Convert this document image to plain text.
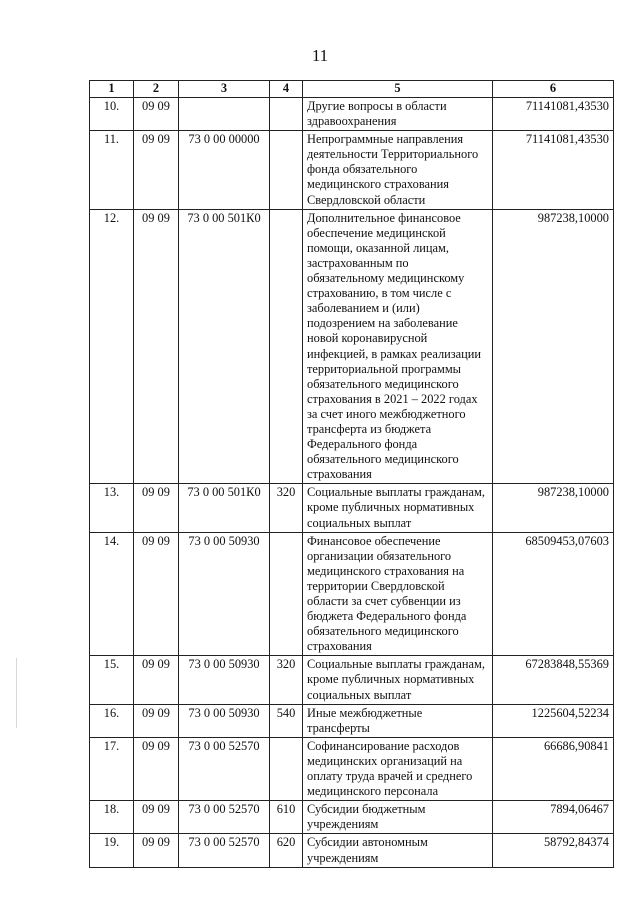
11
1	2	3	4	5	6
10.	09 09			Другие вопросы в области здравоохранения	71141081,43530
11.	09 09	73 0 00 00000		Непрограммные направления деятельности Территориального фонда обязательного медицинского страхования Свердловской области	71141081,43530
12.	09 09	73 0 00 501К0		Дополнительное финансовое обеспечение медицинской помощи, оказанной лицам, застрахованным по обязательному медицинскому страхованию, в том числе с заболеванием и (или) подозрением на заболевание новой коронавирусной инфекцией, в рамках реализации территориальной программы обязательного медицинского страхования в 2021 – 2022 годах за счет иного межбюджетного трансферта из бюджета Федерального фонда обязательного медицинского страхования	987238,10000
13.	09 09	73 0 00 501К0	320	Социальные выплаты гражданам, кроме публичных нормативных социальных выплат	987238,10000
14.	09 09	73 0 00 50930		Финансовое обеспечение организации обязательного медицинского страхования на территории Свердловской области за счет субвенции из бюджета Федерального фонда обязательного медицинского страхования	68509453,07603
15.	09 09	73 0 00 50930	320	Социальные выплаты гражданам, кроме публичных нормативных социальных выплат	67283848,55369
16.	09 09	73 0 00 50930	540	Иные межбюджетные трансферты	1225604,52234
17.	09 09	73 0 00 52570		Софинансирование расходов медицинских организаций на оплату труда врачей и среднего медицинского персонала	66686,90841
18.	09 09	73 0 00 52570	610	Субсидии бюджетным учреждениям	7894,06467
19.	09 09	73 0 00 52570	620	Субсидии автономным учреждениям	58792,84374
